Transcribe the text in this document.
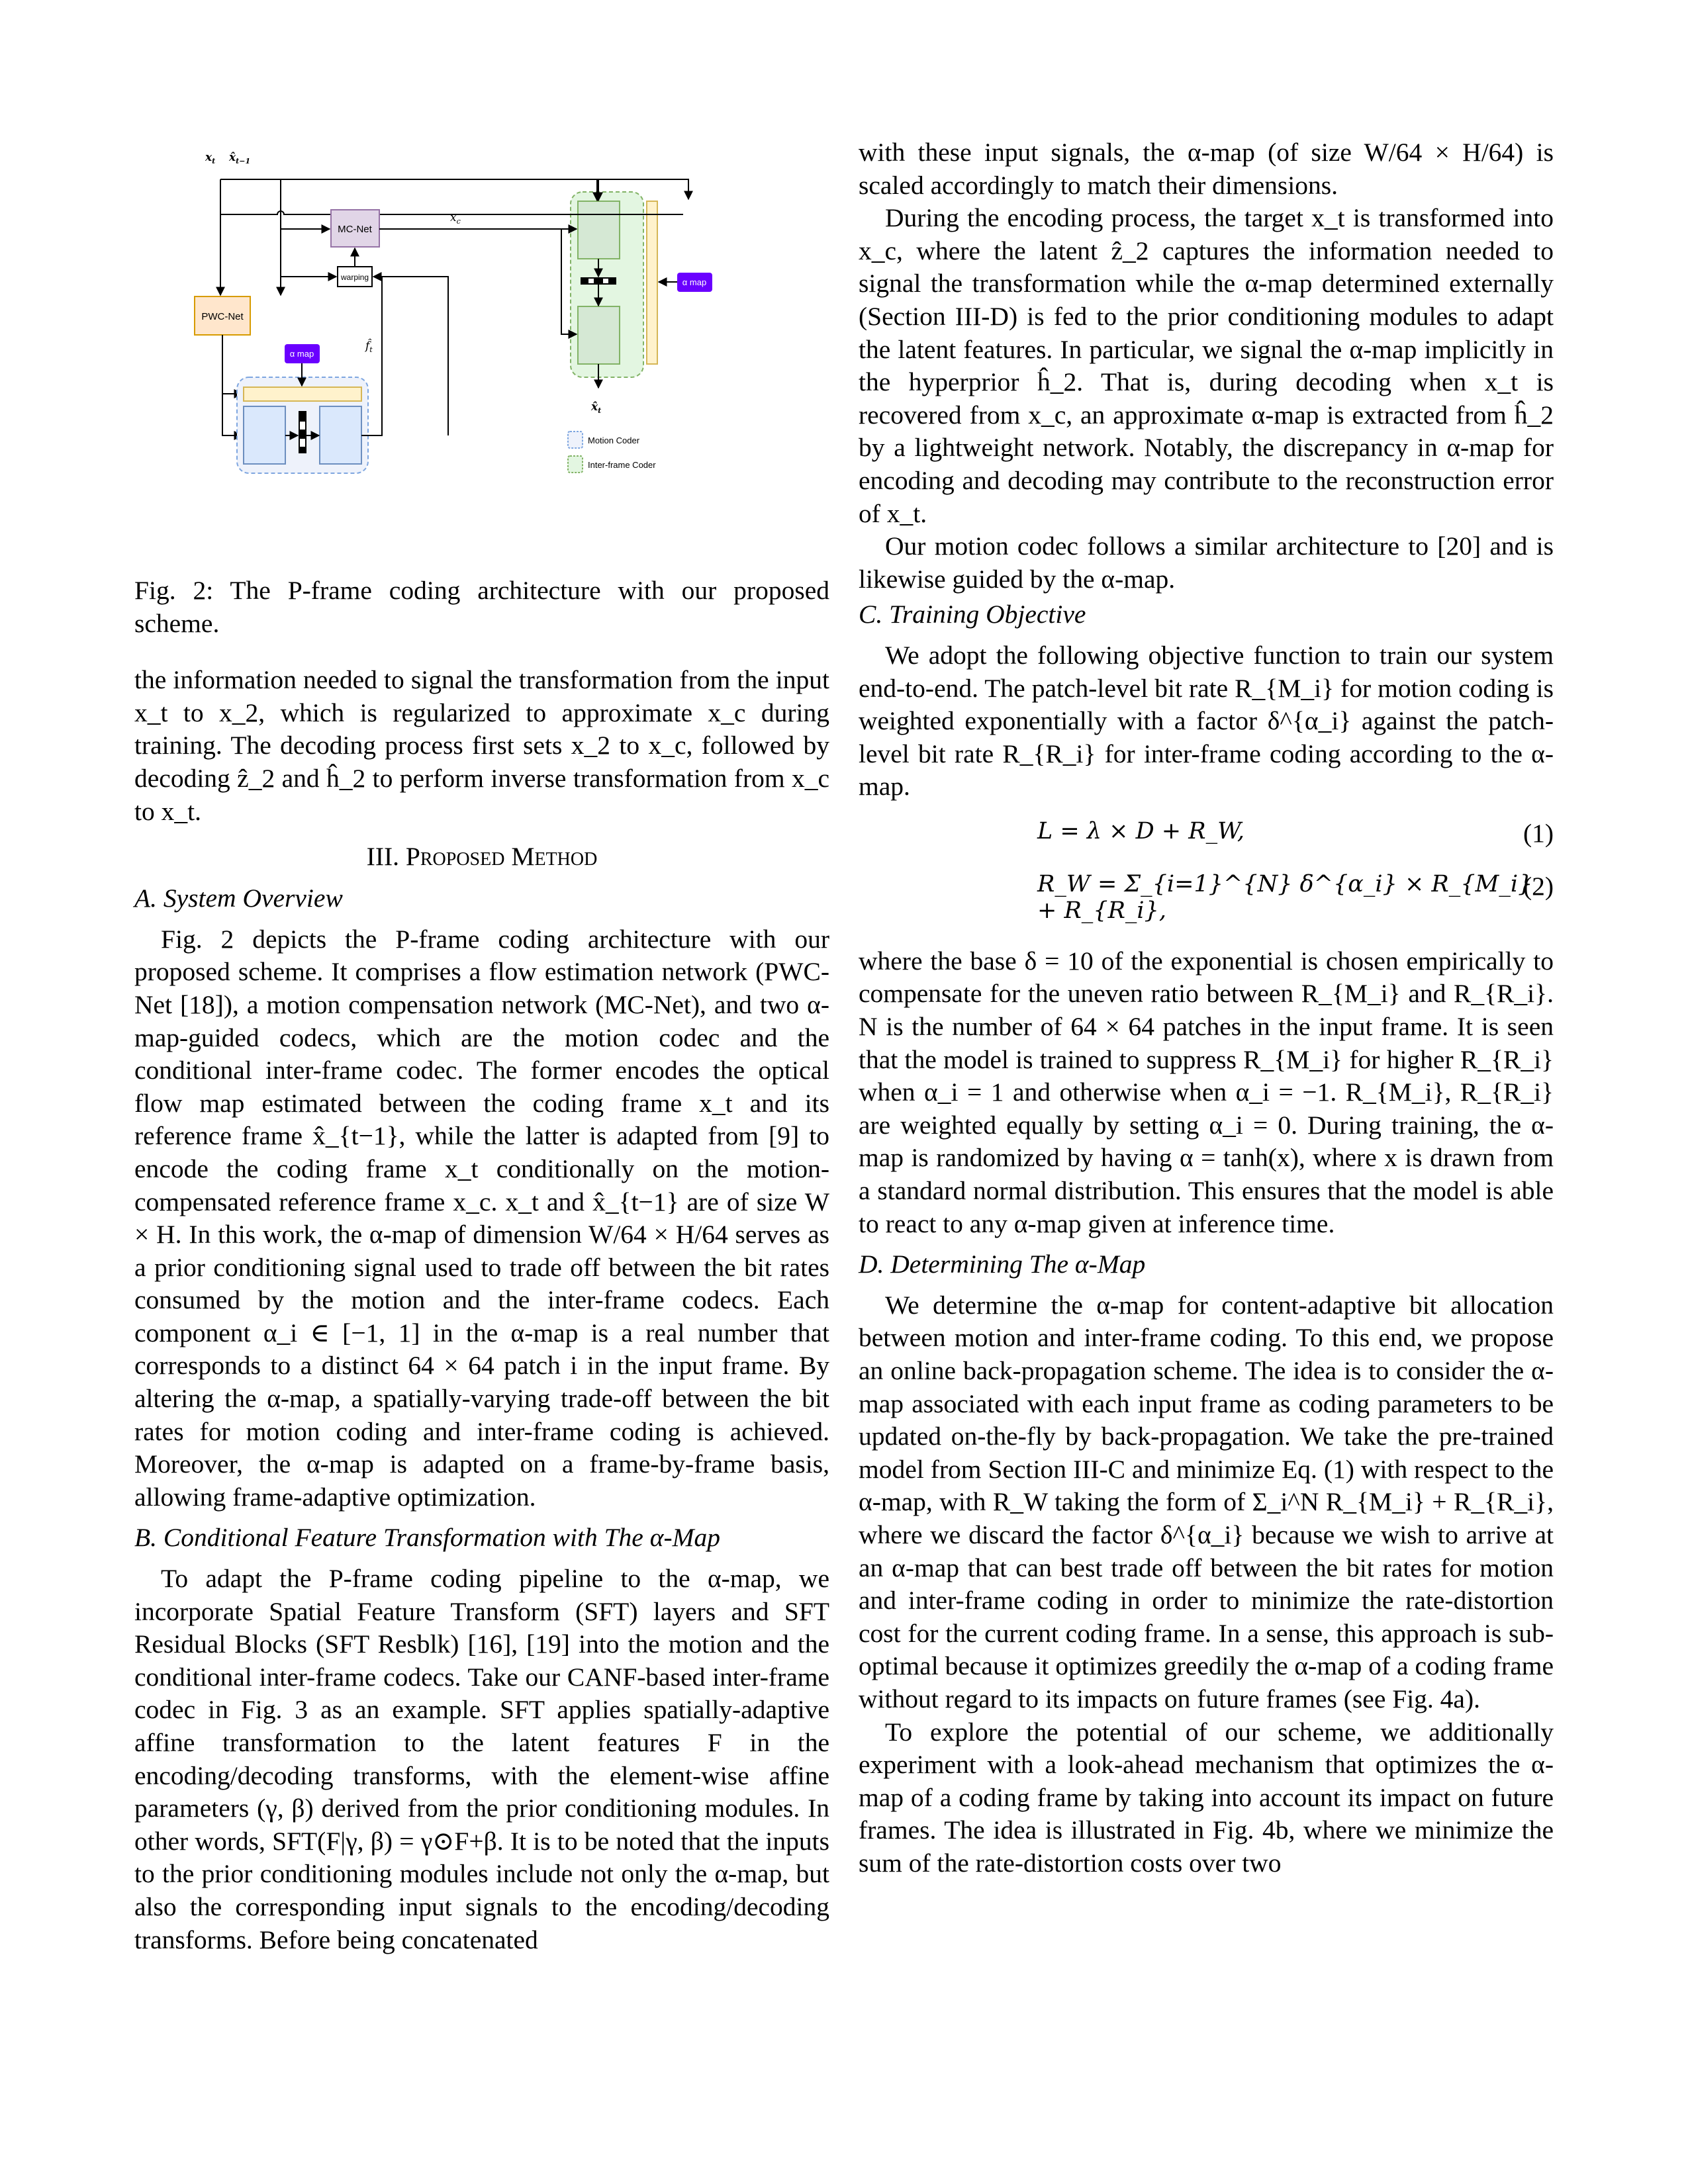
α map
$x_t$ $x̂_{t-1}$
MC-Net
$x_c$
warping
PWC-Net
$f̂_t$
α map
$x̂_t$
Motion Coder
Inter-frame Coder
Fig. 2: The P-frame coding architecture with our proposed scheme.

the information needed to signal the transformation from the input x_t to x_2, which is regularized to approximate x_c during training. The decoding process first sets x_2 to x_c, followed by decoding ẑ_2 and ĥ_2 to perform inverse transformation from x_c to x_t.

III. Proposed Method
A. System Overview

Fig. 2 depicts the P-frame coding architecture with our proposed scheme. It comprises a flow estimation network (PWC-Net [18]), a motion compensation network (MC-Net), and two α-map-guided codecs, which are the motion codec and the conditional inter-frame codec. The former encodes the optical flow map estimated between the coding frame x_t and its reference frame x̂_{t−1}, while the latter is adapted from [9] to encode the coding frame x_t conditionally on the motion-compensated reference frame x_c. x_t and x̂_{t−1} are of size W × H. In this work, the α-map of dimension W/64 × H/64 serves as a prior conditioning signal used to trade off between the bit rates consumed by the motion and the inter-frame codecs. Each component α_i ∈ [−1, 1] in the α-map is a real number that corresponds to a distinct 64 × 64 patch i in the input frame. By altering the α-map, a spatially-varying trade-off between the bit rates for motion coding and inter-frame coding is achieved. Moreover, the α-map is adapted on a frame-by-frame basis, allowing frame-adaptive optimization.

B. Conditional Feature Transformation with The α-Map

To adapt the P-frame coding pipeline to the α-map, we incorporate Spatial Feature Transform (SFT) layers and SFT Residual Blocks (SFT Resblk) [16], [19] into the motion and the conditional inter-frame codecs. Take our CANF-based inter-frame codec in Fig. 3 as an example. SFT applies spatially-adaptive affine transformation to the latent features F in the encoding/decoding transforms, with the element-wise affine parameters (γ, β) derived from the prior conditioning modules. In other words, SFT(F|γ, β) = γ⊙F+β. It is to be noted that the inputs to the prior conditioning modules include not only the α-map, but also the corresponding input signals to the encoding/decoding transforms. Before being concatenated

with these input signals, the α-map (of size W/64 × H/64) is scaled accordingly to match their dimensions.

During the encoding process, the target x_t is transformed into x_c, where the latent ẑ_2 captures the information needed to signal the transformation while the α-map determined externally (Section III-D) is fed to the prior conditioning modules to adapt the latent features. In particular, we signal the α-map implicitly in the hyperprior ĥ_2. That is, during decoding when x_t is recovered from x_c, an approximate α-map is extracted from ĥ_2 by a lightweight network. Notably, the discrepancy in α-map for encoding and decoding may contribute to the reconstruction error of x_t.

Our motion codec follows a similar architecture to [20] and is likewise guided by the α-map.

C. Training Objective

We adopt the following objective function to train our system end-to-end. The patch-level bit rate R_{M_i} for motion coding is weighted exponentially with a factor δ^{α_i} against the patch-level bit rate R_{R_i} for inter-frame coding according to the α-map.

L = λ × D + R_W,	(1)
R_W = Σ_{i=1}^{N} δ^{α_i} × R_{M_i} + R_{R_i},
(2)

where the base δ = 10 of the exponential is chosen empirically to compensate for the uneven ratio between R_{M_i} and R_{R_i}. N is the number of 64 × 64 patches in the input frame. It is seen that the model is trained to suppress R_{M_i} for higher R_{R_i} when α_i = 1 and otherwise when α_i = −1. R_{M_i}, R_{R_i} are weighted equally by setting α_i = 0. During training, the α-map is randomized by having α = tanh(x), where x is drawn from a standard normal distribution. This ensures that the model is able to react to any α-map given at inference time.

D. Determining The α-Map

We determine the α-map for content-adaptive bit allocation between motion and inter-frame coding. To this end, we propose an online back-propagation scheme. The idea is to consider the α-map associated with each input frame as coding parameters to be updated on-the-fly by back-propagation. We take the pre-trained model from Section III-C and minimize Eq. (1) with respect to the α-map, with R_W taking the form of Σ_i^N R_{M_i} + R_{R_i}, where we discard the factor δ^{α_i} because we wish to arrive at an α-map that can best trade off between the bit rates for motion and inter-frame coding in order to minimize the rate-distortion cost for the current coding frame. In a sense, this approach is sub-optimal because it optimizes greedily the α-map of a coding frame without regard to its impacts on future frames (see Fig. 4a).

To explore the potential of our scheme, we additionally experiment with a look-ahead mechanism that optimizes the α-map of a coding frame by taking into account its impact on future frames. The idea is illustrated in Fig. 4b, where we minimize the sum of the rate-distortion costs over two
